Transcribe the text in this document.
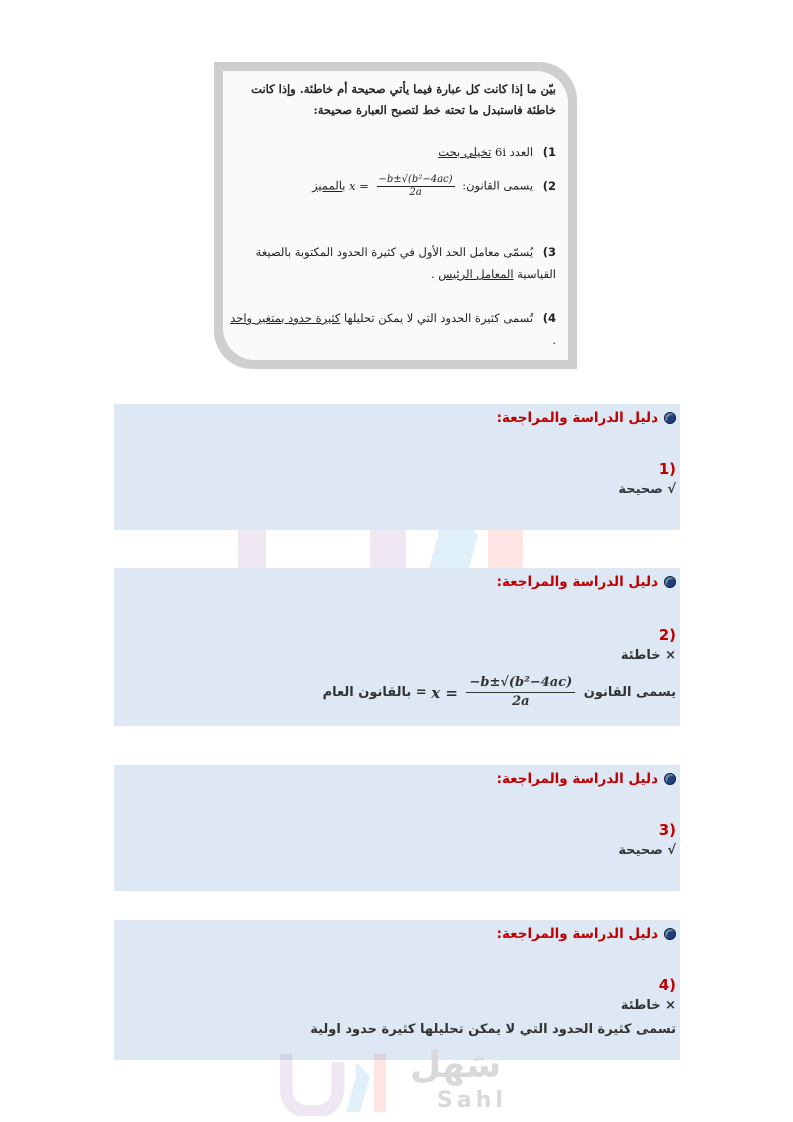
بيّن ما إذا كانت كل عبارة فيما يأتي صحيحة أم خاطئة. وإذا كانت خاطئة فاستبدل ما تحته خط لتصبح العبارة صحيحة:
1) العدد 6i تخيلي بحت
2) يسمى القانون:
$\frac{\text{−b±√(b²−4ac)}}{2a}$
x = بالمميز
3) يُسمّى معامل الحد الأول في كثيرة الحدود المكتوبة بالصيغة القياسية المعامل الرئيس .
4) تُسمى كثيرة الحدود التي لا يمكن تحليلها كثيرة حدود بمتغير واحد .
دليل الدراسة والمراجعة:
(1
√ صحيحة
دليل الدراسة والمراجعة:
(2
× خاطئة
يسمى القانون
$\frac{\text{−b±√(b²−4ac)}}{2a}$
x = = بالقانون العام
دليل الدراسة والمراجعة:
(3
√ صحيحة
دليل الدراسة والمراجعة:
(4
× خاطئة
تسمى كثيرة الحدود التي لا يمكن تحليلها كثيرة حدود اولية
سَهل
Sahl
